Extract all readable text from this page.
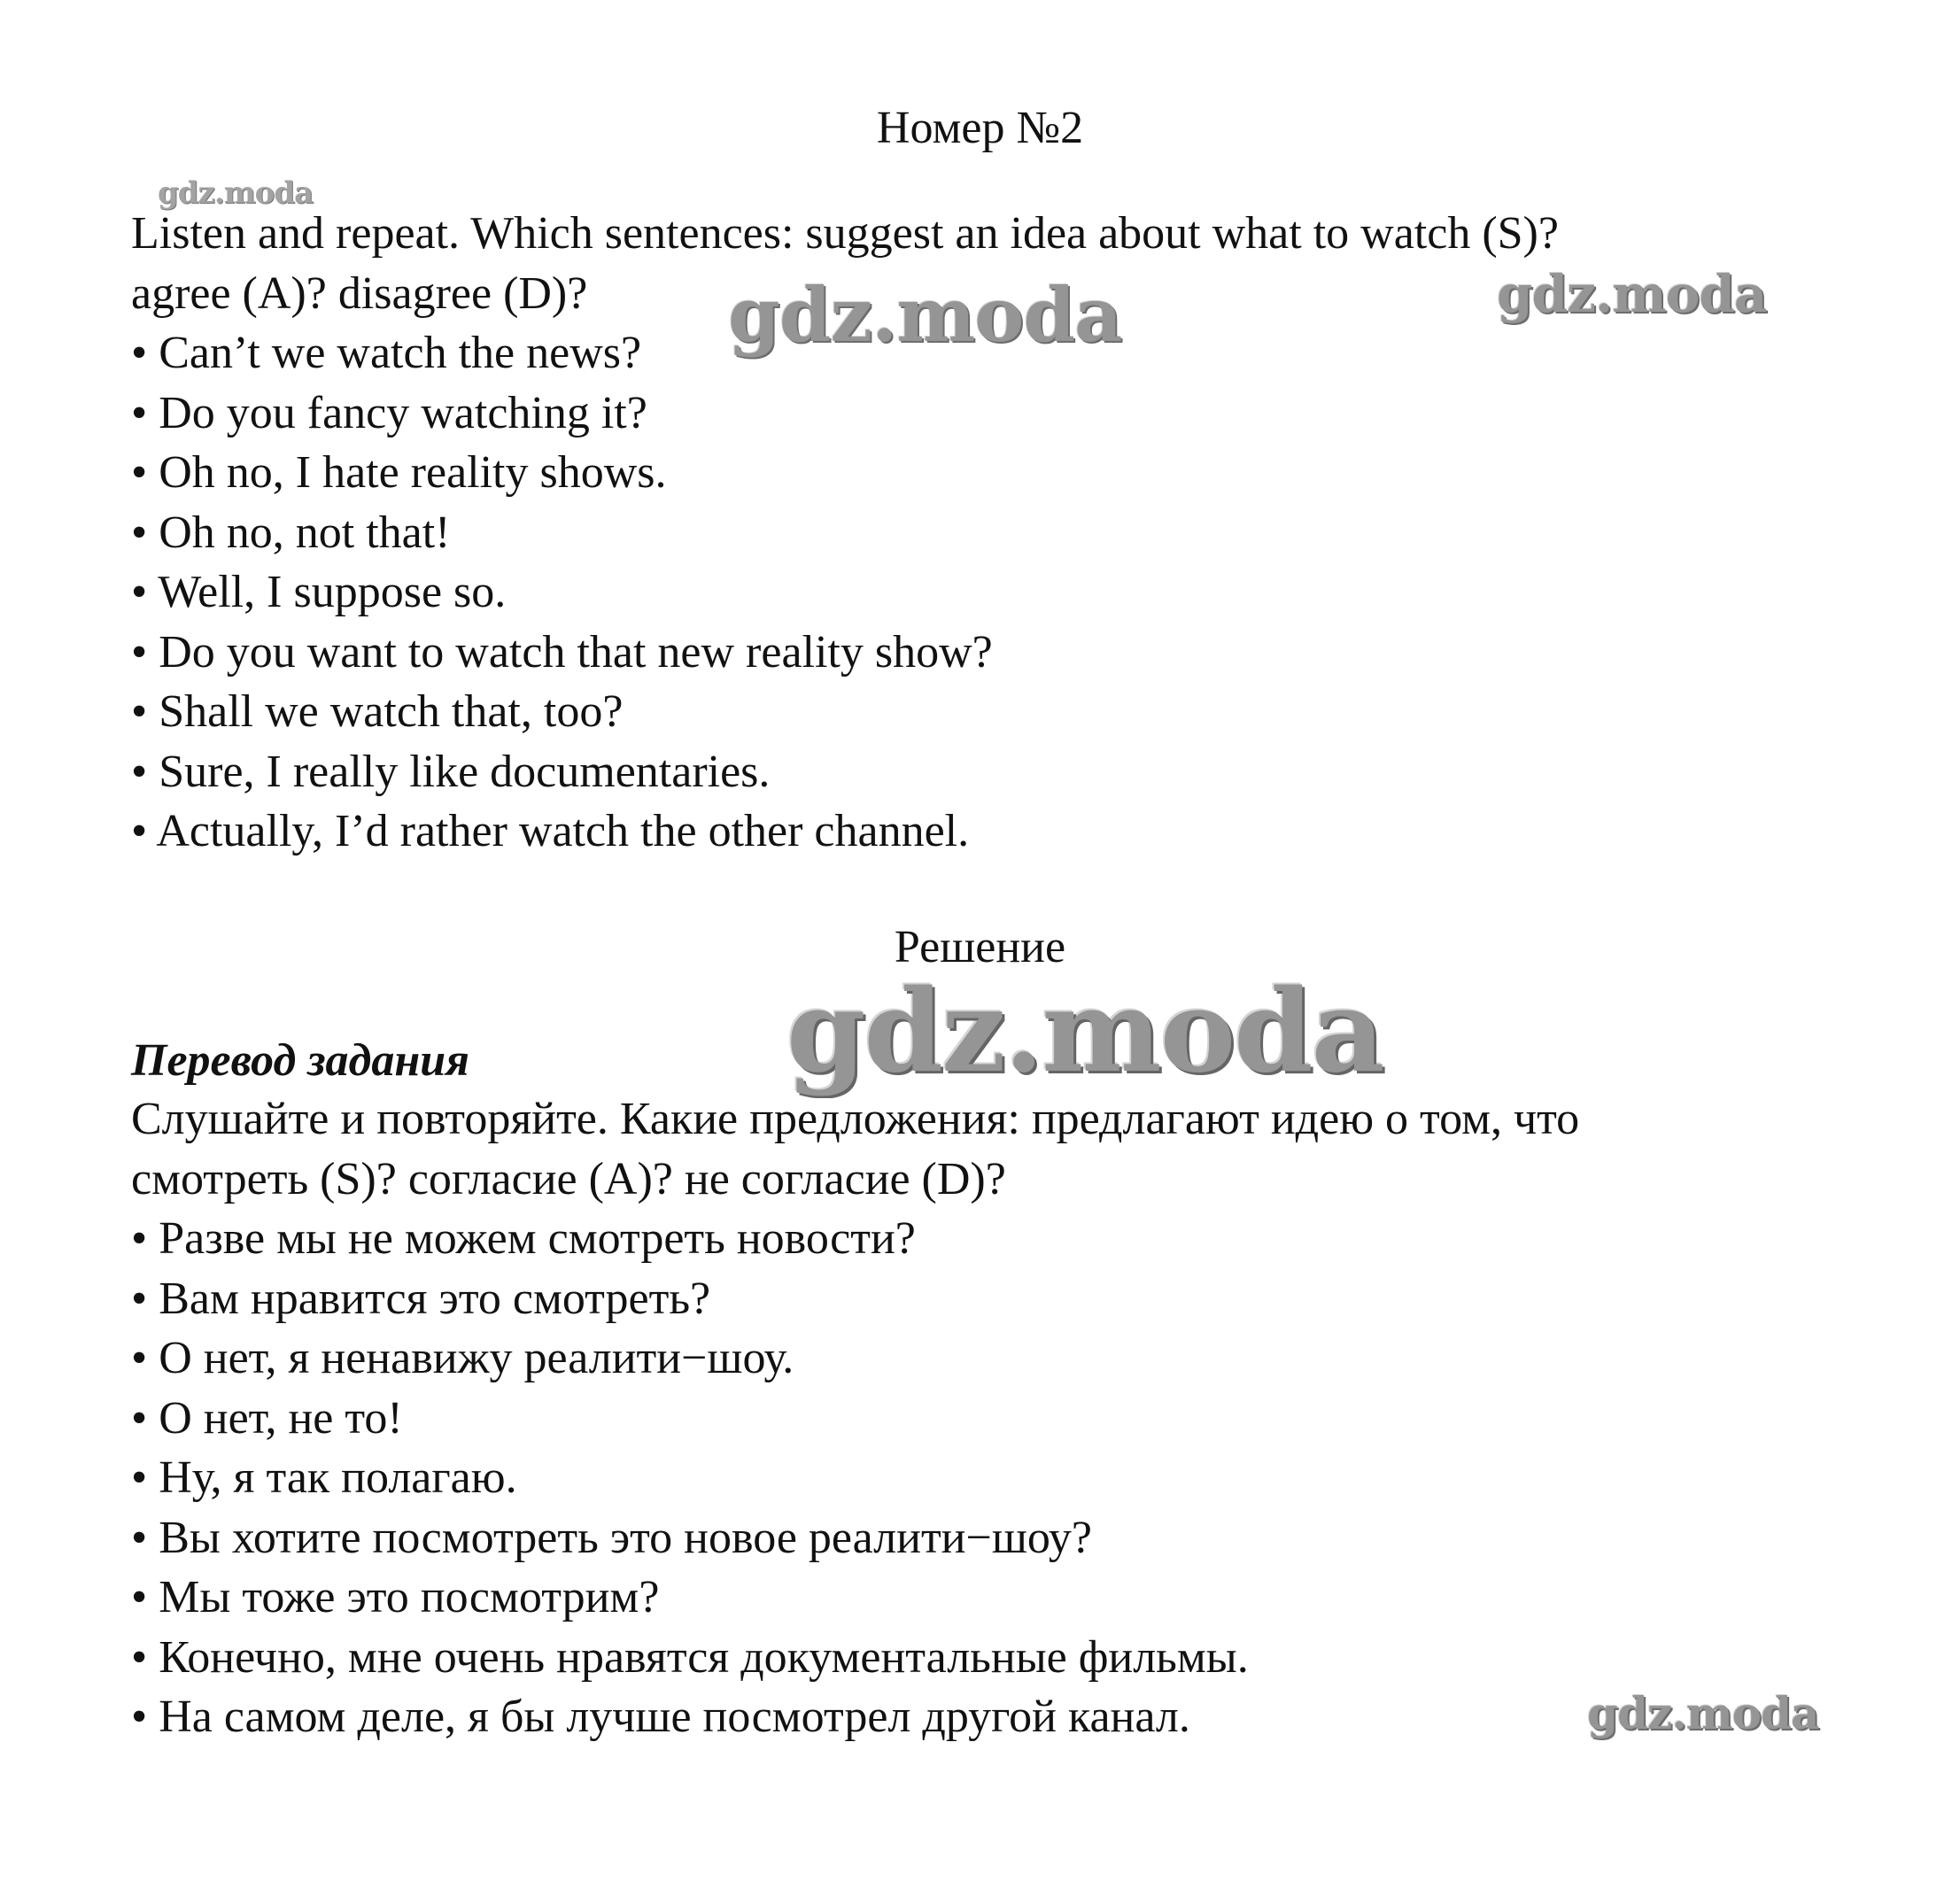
Номер №2
gdz.moda
gdz.moda	gdz.moda

Listen and repeat. Which sentences: suggest an idea about what to watch (S)?

agree (A)? disagree (D)?

• Can’t we watch the news?

• Do you fancy watching it?

• Oh no, I hate reality shows.

• Oh no, not that!

• Well, I suppose so.

• Do you want to watch that new reality show?

• Shall we watch that, too?

• Sure, I really like documentaries.

• Actually, I’d rather watch the other channel.

Решение
gdz.moda
Перевод задания

Слушайте и повторяйте. Какие предложения: предлагают идею о том, что

смотреть (S)? согласие (A)? не согласие (D)?

• Разве мы не можем смотреть новости?

• Вам нравится это смотреть?

• О нет, я ненавижу реалити−шоу.

• О нет, не то!

• Ну, я так полагаю.

• Вы хотите посмотреть это новое реалити−шоу?

• Мы тоже это посмотрим?

• Конечно, мне очень нравятся документальные фильмы.

• На самом деле, я бы лучше посмотрел другой канал.	gdz.moda
